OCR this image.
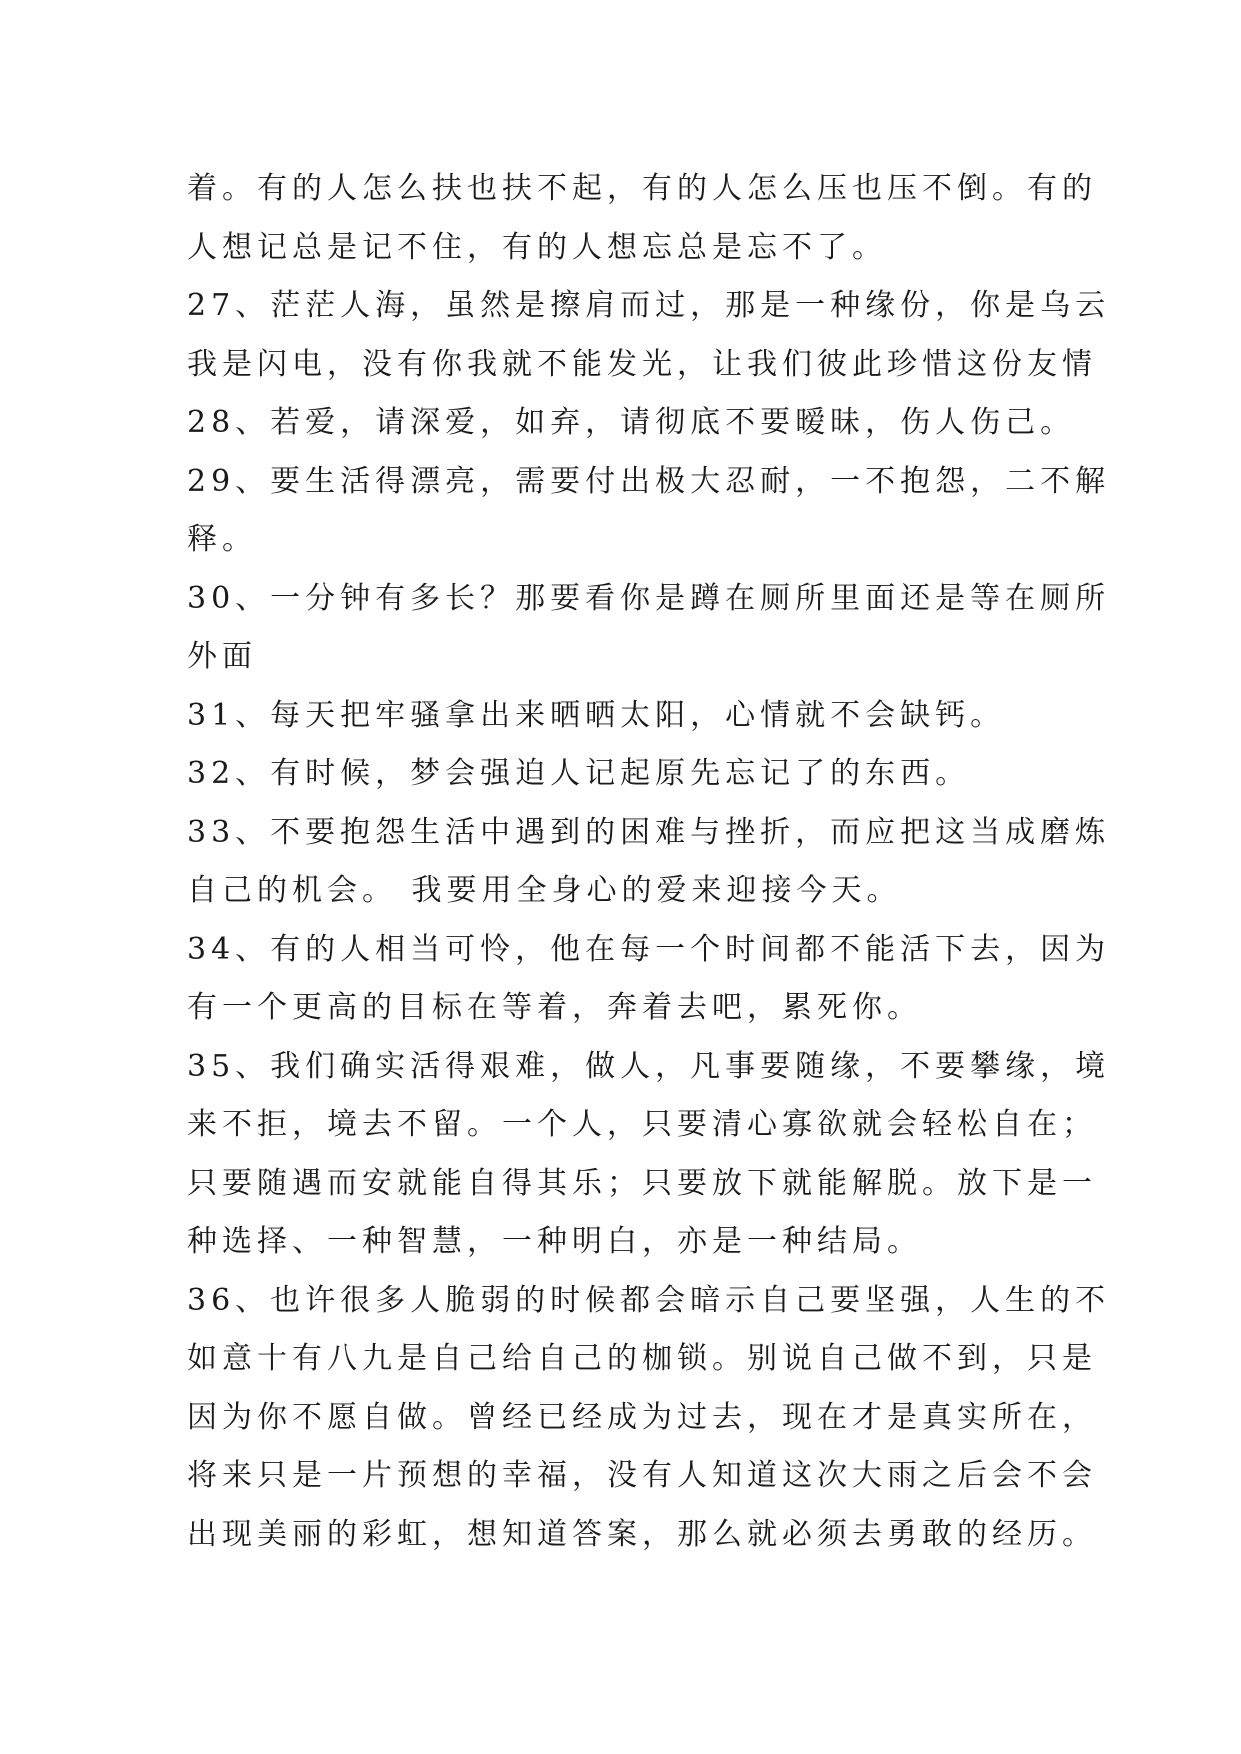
着。有的人怎么扶也扶不起，有的人怎么压也压不倒。有的
人想记总是记不住，有的人想忘总是忘不了。
27、茫茫人海，虽然是擦肩而过，那是一种缘份，你是乌云
我是闪电，没有你我就不能发光，让我们彼此珍惜这份友情
28、若爱，请深爱，如弃，请彻底不要暧昧，伤人伤己。
29、要生活得漂亮，需要付出极大忍耐，一不抱怨，二不解
释。
30、一分钟有多长？那要看你是蹲在厕所里面还是等在厕所
外面
31、每天把牢骚拿出来晒晒太阳，心情就不会缺钙。
32、有时候，梦会强迫人记起原先忘记了的东西。
33、不要抱怨生活中遇到的困难与挫折，而应把这当成磨炼
自己的机会。 我要用全身心的爱来迎接今天。
34、有的人相当可怜，他在每一个时间都不能活下去，因为
有一个更高的目标在等着，奔着去吧，累死你。
35、我们确实活得艰难，做人，凡事要随缘，不要攀缘，境
来不拒，境去不留。一个人，只要清心寡欲就会轻松自在；
只要随遇而安就能自得其乐；只要放下就能解脱。放下是一
种选择、一种智慧，一种明白，亦是一种结局。
36、也许很多人脆弱的时候都会暗示自己要坚强，人生的不
如意十有八九是自己给自己的枷锁。别说自己做不到，只是
因为你不愿自做。曾经已经成为过去，现在才是真实所在，
将来只是一片预想的幸福，没有人知道这次大雨之后会不会
出现美丽的彩虹，想知道答案，那么就必须去勇敢的经历。
